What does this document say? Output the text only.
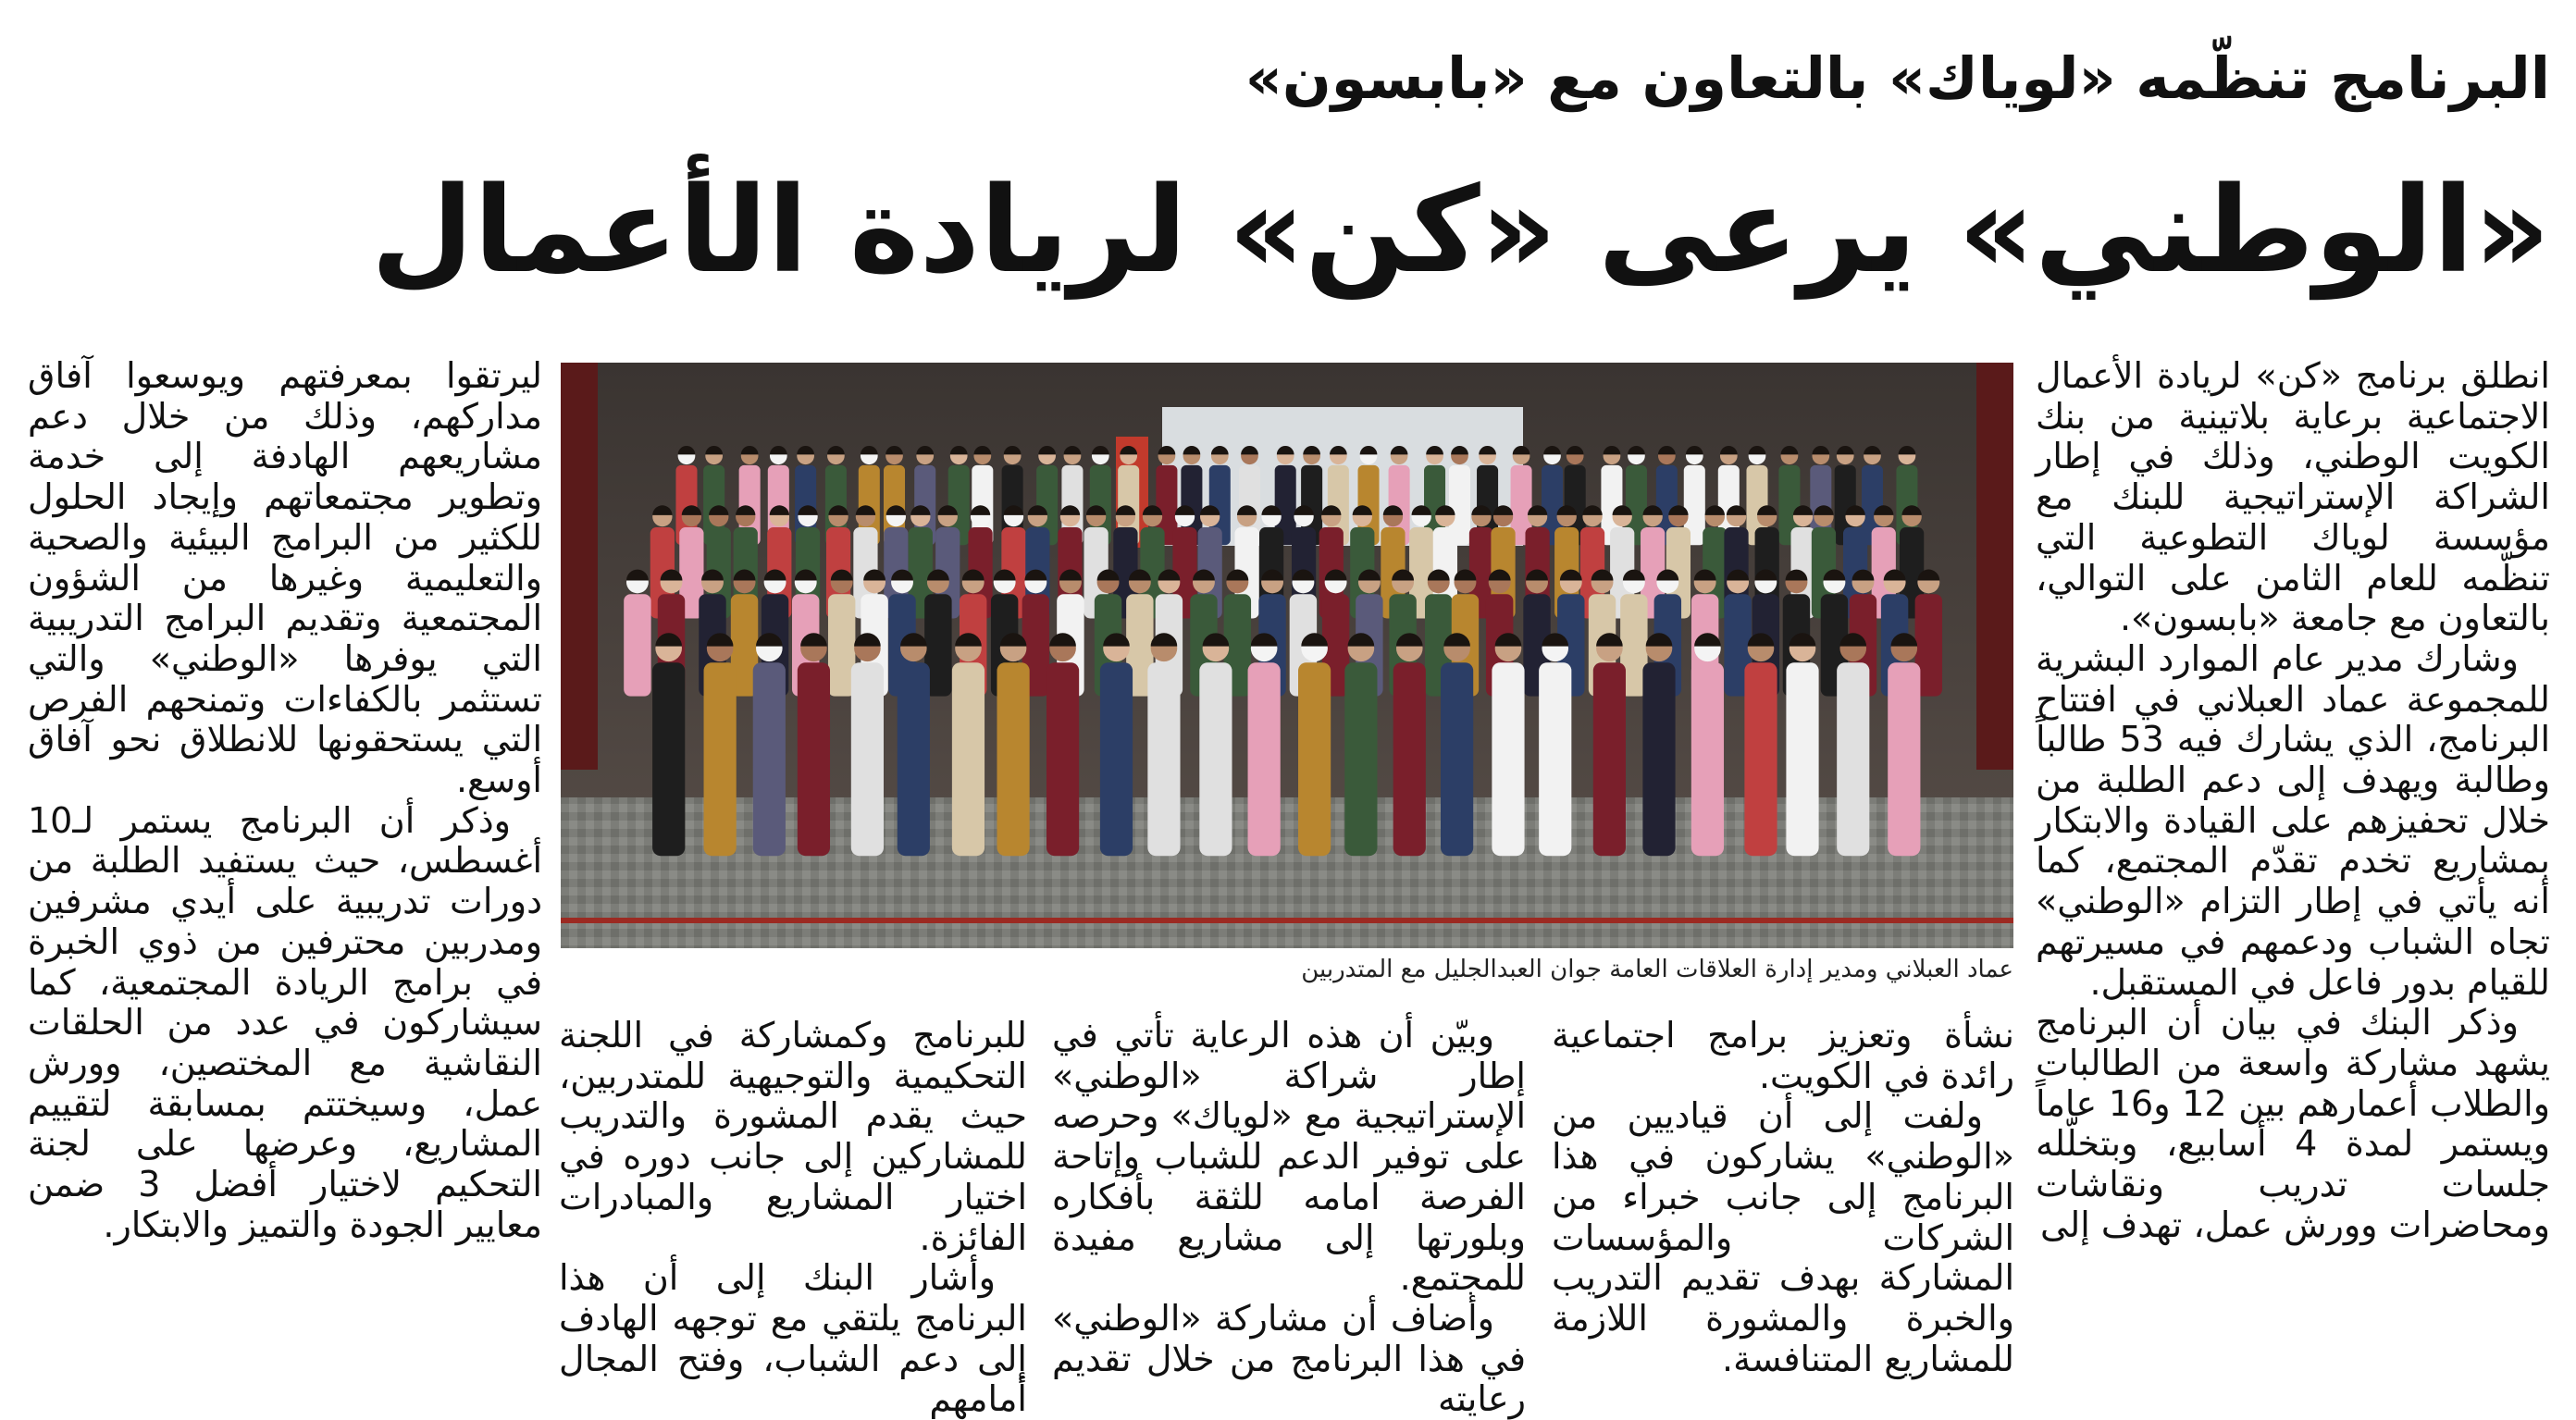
البرنامج تنظّمه «لوياك» بالتعاون مع «بابسون»
«الوطني» يرعى «كن» لريادة الأعمال

انطلق برنامج «كن» لريادة الأعمال الاجتماعية برعاية بلاتينية من بنك الكويت الوطني، وذلك في إطار الشراكة الإستراتيجية للبنك مع مؤسسة لوياك التطوعية التي تنظّمه للعام الثامن على التوالي، بالتعاون مع جامعة «بابسون».

وشارك مدير عام الموارد البشرية للمجموعة عماد العبلاني في افتتاح البرنامج، الذي يشارك فيه 53 طالباً وطالبة ويهدف إلى دعم الطلبة من خلال تحفيزهم على القيادة والابتكار بمشاريع تخدم تقدّم المجتمع، كما أنه يأتي في إطار التزام «الوطني» تجاه الشباب ودعمهم في مسيرتهم للقيام بدور فاعل في المستقبل.

وذكر البنك في بيان أن البرنامج يشهد مشاركة واسعة من الطالبات والطلاب أعمارهم بين 12 و16 عاماً ويستمر لمدة 4 أسابيع، وبتخلّله جلسات تدريب ونقاشات ومحاضرات وورش عمل، تهدف إلى

عماد العبلاني ومدير إدارة العلاقات العامة جوان العبدالجليل مع المتدربين

نشأة وتعزيز برامج اجتماعية رائدة في الكويت.

ولفت إلى أن قياديين من «الوطني» يشاركون في هذا البرنامج إلى جانب خبراء من الشركات والمؤسسات المشاركة بهدف تقديم التدريب والخبرة والمشورة اللازمة للمشاريع المتنافسة.

وبيّن أن هذه الرعاية تأتي في إطار شراكة «الوطني» الإستراتيجية مع «لوياك» وحرصه على توفير الدعم للشباب وإتاحة الفرصة امامه للثقة بأفكاره وبلورتها إلى مشاريع مفيدة للمجتمع.

وأضاف أن مشاركة «الوطني» في هذا البرنامج من خلال تقديم رعايته

للبرنامج وكمشاركة في اللجنة التحكيمية والتوجيهية للمتدربين، حيث يقدم المشورة والتدريب للمشاركين إلى جانب دوره في اختيار المشاريع والمبادرات الفائزة.

وأشار البنك إلى أن هذا البرنامج يلتقي مع توجهه الهادف إلى دعم الشباب، وفتح المجال أمامهم

ليرتقوا بمعرفتهم ويوسعوا آفاق مداركهم، وذلك من خلال دعم مشاريعهم الهادفة إلى خدمة وتطوير مجتمعاتهم وإيجاد الحلول للكثير من البرامج البيئية والصحية والتعليمية وغيرها من الشؤون المجتمعية وتقديم البرامج التدريبية التي يوفرها «الوطني» والتي تستثمر بالكفاءات وتمنحهم الفرص التي يستحقونها للانطلاق نحو آفاق أوسع.

وذكر أن البرنامج يستمر لـ10 أغسطس، حيث يستفيد الطلبة من دورات تدريبية على أيدي مشرفين ومدربين محترفين من ذوي الخبرة في برامج الريادة المجتمعية، كما سيشاركون في عدد من الحلقات النقاشية مع المختصين، وورش عمل، وسيختتم بمسابقة لتقييم المشاريع، وعرضها على لجنة التحكيم لاختيار أفضل 3 ضمن معايير الجودة والتميز والابتكار.
